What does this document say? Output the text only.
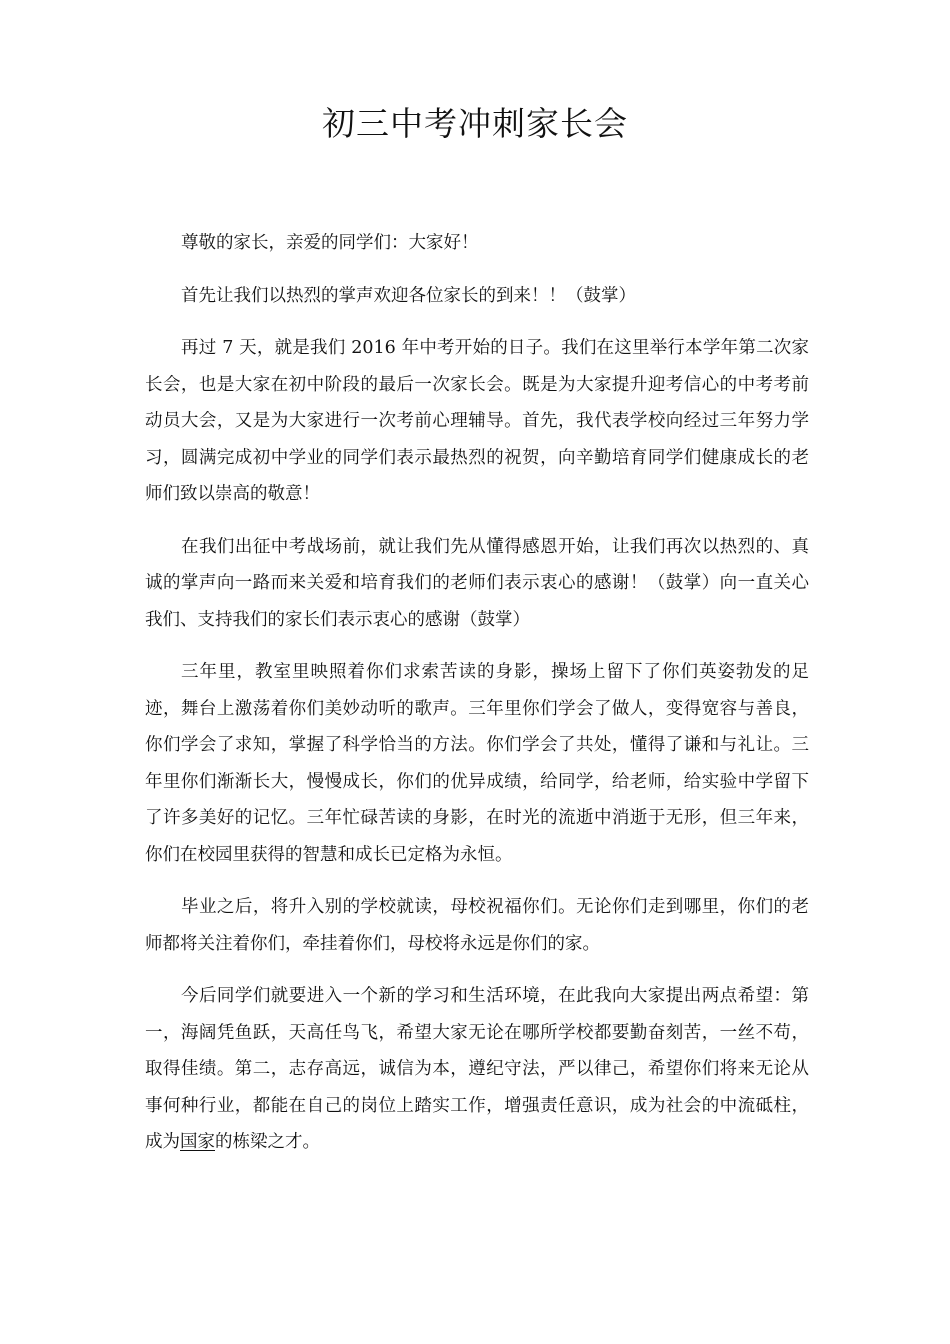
初三中考冲刺家长会

尊敬的家长，亲爱的同学们：大家好！

首先让我们以热烈的掌声欢迎各位家长的到来！！（鼓掌）

再过 7 天，就是我们 2016 年中考开始的日子。我们在这里举行本学年第二次家长会，也是大家在初中阶段的最后一次家长会。既是为大家提升迎考信心的中考考前动员大会，又是为大家进行一次考前心理辅导。首先，我代表学校向经过三年努力学习，圆满完成初中学业的同学们表示最热烈的祝贺，向辛勤培育同学们健康成长的老师们致以崇高的敬意！

在我们出征中考战场前，就让我们先从懂得感恩开始，让我们再次以热烈的、真诚的掌声向一路而来关爱和培育我们的老师们表示衷心的感谢！（鼓掌）向一直关心我们、支持我们的家长们表示衷心的感谢（鼓掌）

三年里，教室里映照着你们求索苦读的身影，操场上留下了你们英姿勃发的足迹，舞台上激荡着你们美妙动听的歌声。三年里你们学会了做人，变得宽容与善良，你们学会了求知，掌握了科学恰当的方法。你们学会了共处，懂得了谦和与礼让。三年里你们渐渐长大，慢慢成长，你们的优异成绩，给同学，给老师，给实验中学留下了许多美好的记忆。三年忙碌苦读的身影，在时光的流逝中消逝于无形，但三年来，你们在校园里获得的智慧和成长已定格为永恒。

毕业之后，将升入别的学校就读，母校祝福你们。无论你们走到哪里，你们的老师都将关注着你们，牵挂着你们，母校将永远是你们的家。

今后同学们就要进入一个新的学习和生活环境，在此我向大家提出两点希望：第一，海阔凭鱼跃，天高任鸟飞，希望大家无论在哪所学校都要勤奋刻苦，一丝不苟，取得佳绩。第二，志存高远，诚信为本，遵纪守法，严以律己，希望你们将来无论从事何种行业，都能在自己的岗位上踏实工作，增强责任意识，成为社会的中流砥柱，成为国家的栋梁之才。
